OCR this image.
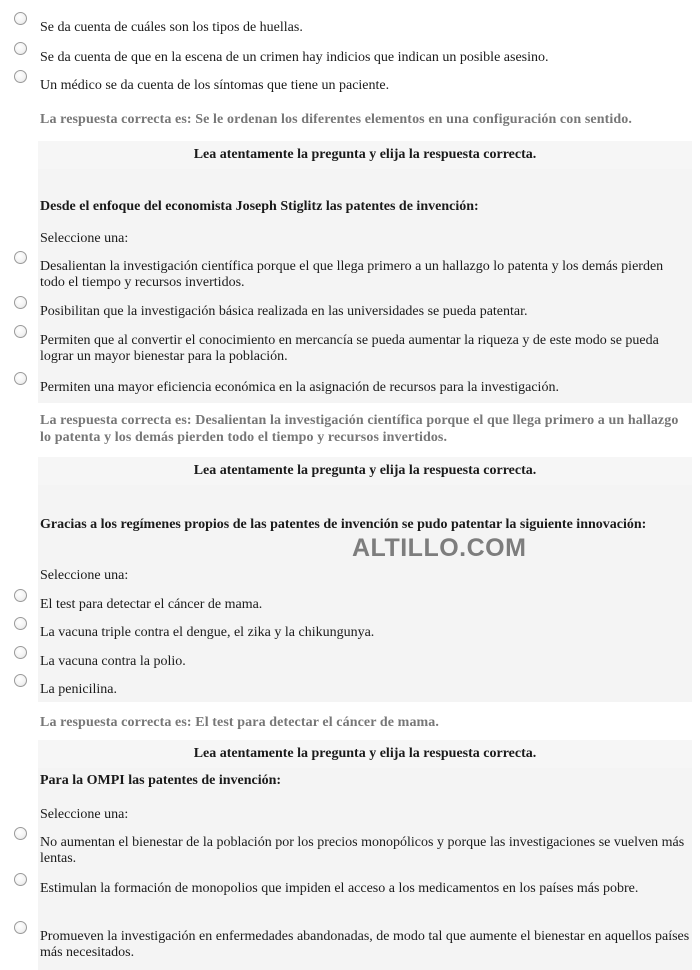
Se da cuenta de cuáles son los tipos de huellas.
Se da cuenta de que en la escena de un crimen hay indicios que indican un posible asesino.
Un médico se da cuenta de los síntomas que tiene un paciente.
La respuesta correcta es: Se le ordenan los diferentes elementos en una configuración con sentido.
Lea atentamente la pregunta y elija la respuesta correcta.
Desde el enfoque del economista Joseph Stiglitz las patentes de invención:
Seleccione una:
Desalientan la investigación científica porque el que llega primero a un hallazgo lo patenta y los demás pierden todo el tiempo y recursos invertidos.
Posibilitan que la investigación básica realizada en las universidades se pueda patentar.
Permiten que al convertir el conocimiento en mercancía se pueda aumentar la riqueza y de este modo se pueda lograr un mayor bienestar para la población.
Permiten una mayor eficiencia económica en la asignación de recursos para la investigación.
La respuesta correcta es: Desalientan la investigación científica porque el que llega primero a un hallazgo lo patenta y los demás pierden todo el tiempo y recursos invertidos.
Lea atentamente la pregunta y elija la respuesta correcta.
Gracias a los regímenes propios de las patentes de invención se pudo patentar la siguiente innovación:
Seleccione una:
El test para detectar el cáncer de mama.
La vacuna triple contra el dengue, el zika y la chikungunya.
La vacuna contra la polio.
La penicilina.
La respuesta correcta es: El test para detectar el cáncer de mama.
Lea atentamente la pregunta y elija la respuesta correcta.
Para la OMPI las patentes de invención:
Seleccione una:
No aumentan el bienestar de la población por los precios monopólicos y porque las investigaciones se vuelven más lentas.
Estimulan la formación de monopolios que impiden el acceso a los medicamentos en los países más pobre.
Promueven la investigación en enfermedades abandonadas, de modo tal que aumente el bienestar en aquellos países más necesitados.
ALTILLO.COM
